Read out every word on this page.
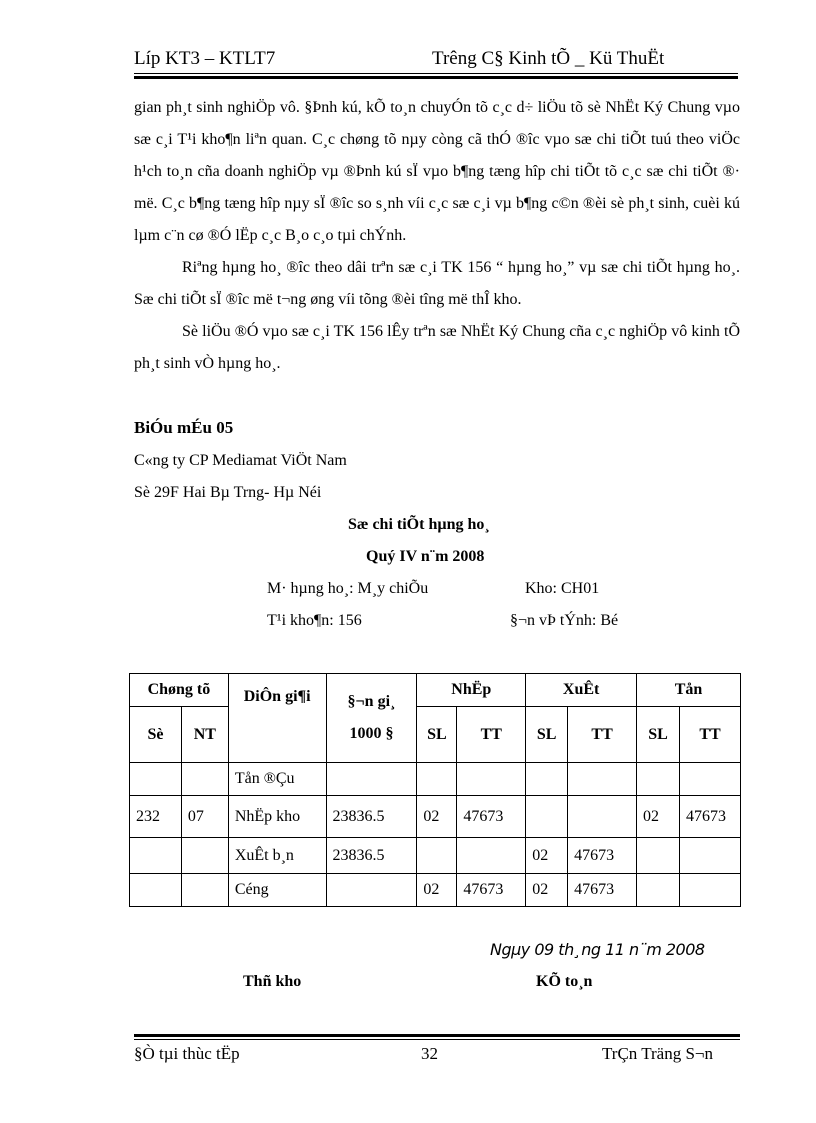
Líp KT3 – KTLT7	Trêng C§ Kinh tÕ _ Kü ThuËt

gian ph¸t sinh nghiÖp vô. §Þnh kú, kÕ to¸n chuyÓn tõ c¸c d÷ liÖu tõ sè NhËt Ký Chung vµo sæ c¸i T¹i kho¶n liªn quan. C¸c chøng tõ nµy còng cã thÓ ®îc vµo sæ chi tiÕt tuú theo viÖc h¹ch to¸n cña doanh nghiÖp vµ ®Þnh kú sÏ vµo b¶ng tæng hîp chi tiÕt tõ c¸c sæ chi tiÕt ®· më. C¸c b¶ng tæng hîp nµy sÏ ®îc so s¸nh víi c¸c sæ c¸i vµ b¶ng c©n ®èi sè ph¸t sinh, cuèi kú lµm c¨n cø ®Ó lËp c¸c B¸o c¸o tµi chÝnh.

Riªng hµng ho¸ ®îc theo dâi trªn sæ c¸i TK 156 “ hµng ho¸” vµ sæ chi tiÕt hµng ho¸. Sæ chi tiÕt sÏ ®îc më t¬ng øng víi tõng ®èi tîng më thÎ kho.

Sè liÖu ®Ó vµo sæ c¸i TK 156 lÊy trªn sæ NhËt Ký Chung cña c¸c nghiÖp vô kinh tÕ ph¸t sinh vÒ hµng ho¸.

BiÓu mÉu 05
C«ng ty CP Mediamat ViÖt Nam
Sè 29F Hai Bµ Trng- Hµ Néi
Sæ chi tiÕt hµng ho¸
Quý IV n¨m 2008
M· hµng ho¸: M¸y chiÕu	Kho: CH01
T¹i kho¶n: 156	§¬n vÞ tÝnh: Bé
Chøng tõ		DiÔn gi¶i	§¬n gi¸
1000 §	NhËp		XuÊt		Tån	
Sè	NT			SL	TT	SL	TT	SL	TT
		Tån ®Çu							
232	07	NhËp kho	23836.5	02	47673			02	47673
		XuÊt b¸n	23836.5			02	47673		
		Céng		02	47673	02	47673		
Ngµy 09 th¸ng 11 n¨m 2008
Thñ kho	KÕ to¸n
§Ò tµi thùc tËp	32	TrÇn Träng S¬n
